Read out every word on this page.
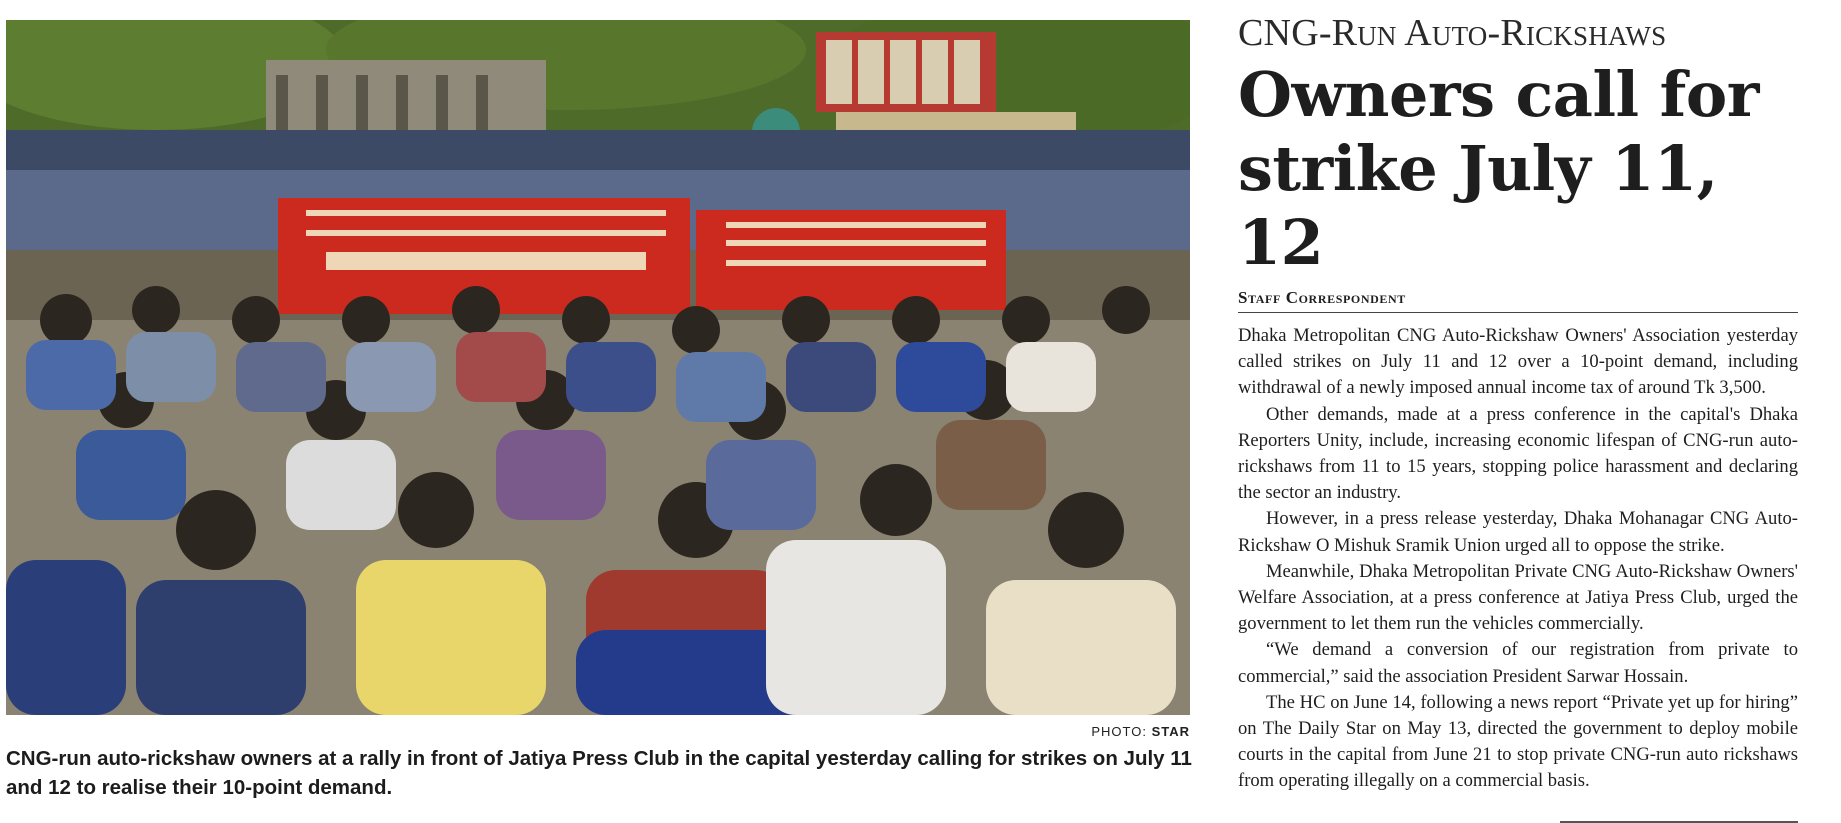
PHOTO: STAR
CNG-run auto-rickshaw owners at a rally in front of Jatiya Press Club in the capital yesterday calling for strikes on July 11 and 12 to realise their 10-point demand.
CNG-Run Auto-Rickshaws
Owners call for strike July 11, 12
Staff Correspondent

Dhaka Metropolitan CNG Auto-Rickshaw Owners' Association yesterday called strikes on July 11 and 12 over a 10-point demand, including withdrawal of a newly imposed annual income tax of around Tk 3,500.

Other demands, made at a press conference in the capital's Dhaka Reporters Unity, include, increasing economic lifespan of CNG-run auto-rickshaws from 11 to 15 years, stopping police harassment and declaring the sector an industry.

However, in a press release yesterday, Dhaka Mohanagar CNG Auto-Rickshaw O Mishuk Sramik Union urged all to oppose the strike.

Meanwhile, Dhaka Metropolitan Private CNG Auto-Rickshaw Owners' Welfare Association, at a press conference at Jatiya Press Club, urged the government to let them run the vehicles commercially.

“We demand a conversion of our registration from private to commercial,” said the association President Sarwar Hossain.

The HC on June 14, following a news report “Private yet up for hiring” on The Daily Star on May 13, directed the government to deploy mobile courts in the capital from June 21 to stop private CNG-run auto rickshaws from operating illegally on a commercial basis.
